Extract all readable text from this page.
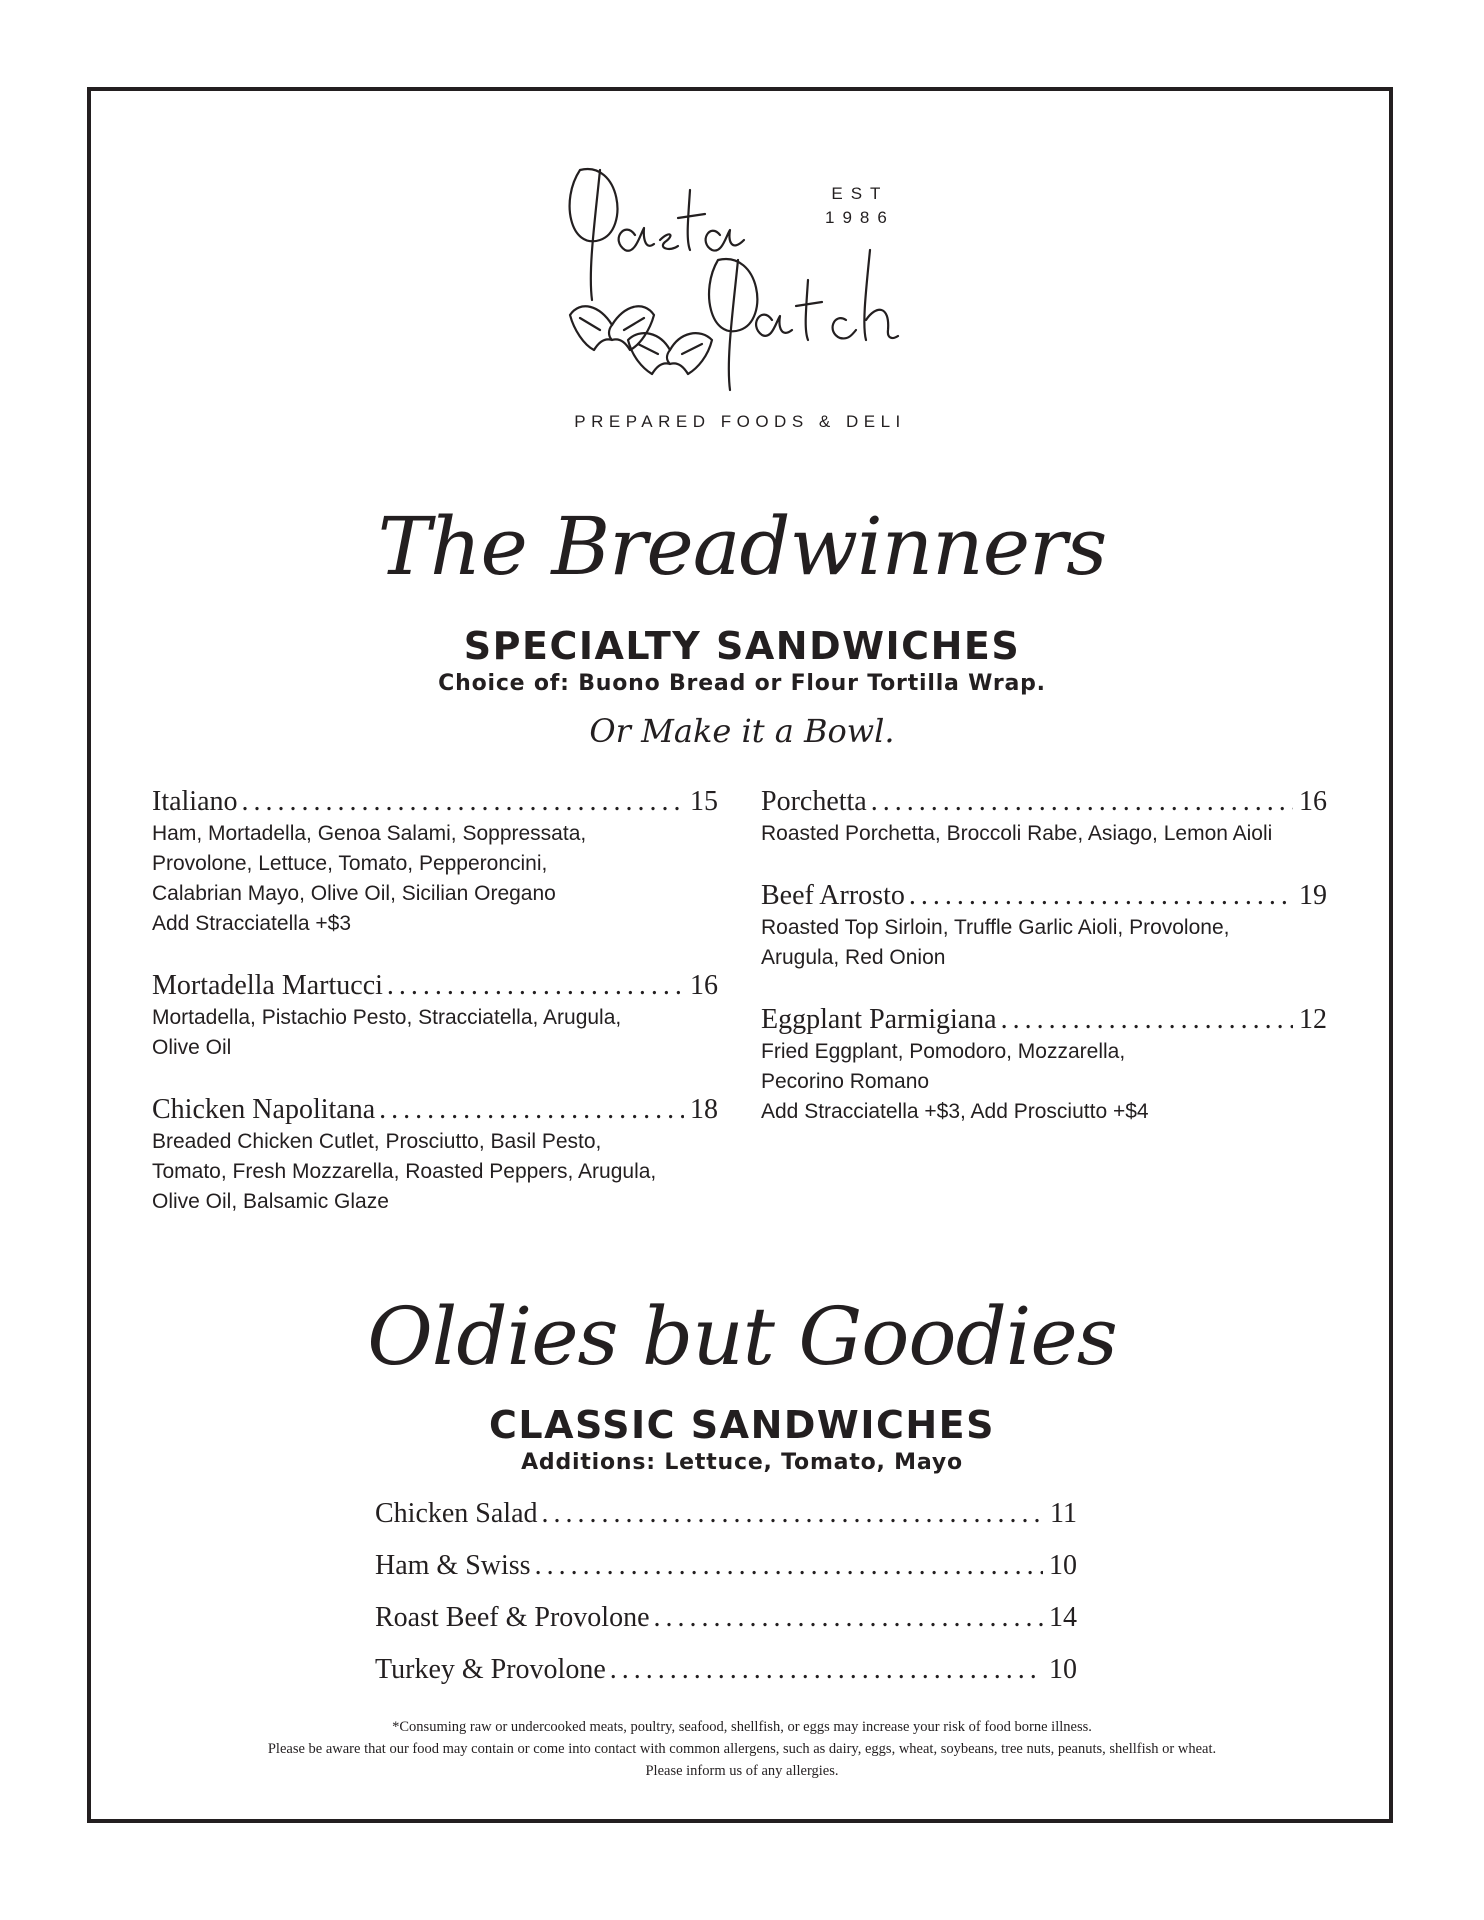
EST
1986
PREPARED FOODS & DELI
The Breadwinners
SPECIALTY SANDWICHES
Choice of: Buono Bread or Flour Tortilla Wrap.
Or Make it a Bowl.
Italiano .....	15
Ham, Mortadella, Genoa Salami, Soppressata,
Provolone, Lettuce, Tomato, Pepperoncini,
Calabrian Mayo, Olive Oil, Sicilian Oregano
Add Stracciatella +$3
Mortadella Martucci .....	16
Mortadella, Pistachio Pesto, Stracciatella, Arugula,
Olive Oil
Chicken Napolitana .....	18
Breaded Chicken Cutlet, Prosciutto, Basil Pesto,
Tomato, Fresh Mozzarella, Roasted Peppers, Arugula,
Olive Oil, Balsamic Glaze
Porchetta .....	16
Roasted Porchetta, Broccoli Rabe, Asiago, Lemon Aioli
Beef Arrosto .....	19
Roasted Top Sirloin, Truffle Garlic Aioli, Provolone,
Arugula, Red Onion
Eggplant Parmigiana .....	12
Fried Eggplant, Pomodoro, Mozzarella,
Pecorino Romano
Add Stracciatella +$3, Add Prosciutto +$4
Oldies but Goodies
CLASSIC SANDWICHES
Additions: Lettuce, Tomato, Mayo
Chicken Salad .....	11
Ham & Swiss .....	10
Roast Beef & Provolone .....	14
Turkey & Provolone .....	10
*Consuming raw or undercooked meats, poultry, seafood, shellfish, or eggs may increase your risk of food borne illness.
Please be aware that our food may contain or come into contact with common allergens, such as dairy, eggs, wheat, soybeans, tree nuts, peanuts, shellfish or wheat.
Please inform us of any allergies.
